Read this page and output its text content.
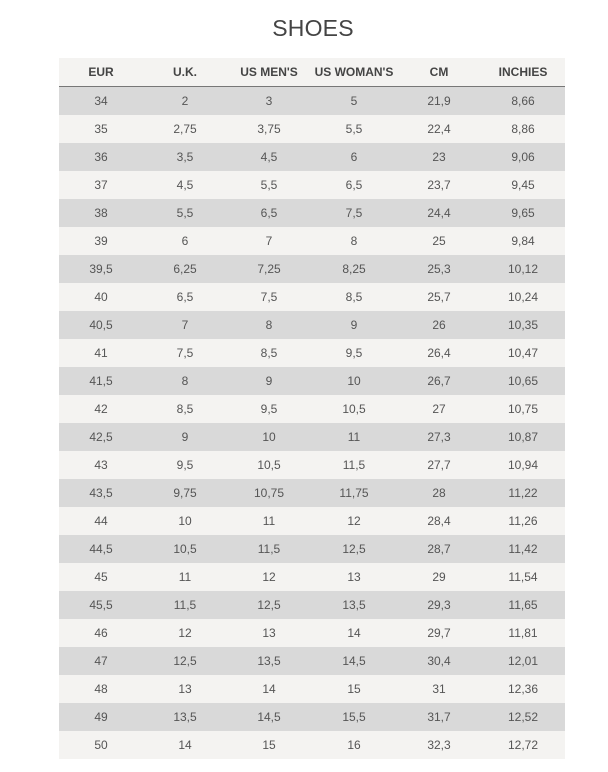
SHOES
EUR	U.K.	US MEN'S	US WOMAN'S	CM	INCHIES
34	2	3	5	21,9	8,66
35	2,75	3,75	5,5	22,4	8,86
36	3,5	4,5	6	23	9,06
37	4,5	5,5	6,5	23,7	9,45
38	5,5	6,5	7,5	24,4	9,65
39	6	7	8	25	9,84
39,5	6,25	7,25	8,25	25,3	10,12
40	6,5	7,5	8,5	25,7	10,24
40,5	7	8	9	26	10,35
41	7,5	8,5	9,5	26,4	10,47
41,5	8	9	10	26,7	10,65
42	8,5	9,5	10,5	27	10,75
42,5	9	10	11	27,3	10,87
43	9,5	10,5	11,5	27,7	10,94
43,5	9,75	10,75	11,75	28	11,22
44	10	11	12	28,4	11,26
44,5	10,5	11,5	12,5	28,7	11,42
45	11	12	13	29	11,54
45,5	11,5	12,5	13,5	29,3	11,65
46	12	13	14	29,7	11,81
47	12,5	13,5	14,5	30,4	12,01
48	13	14	15	31	12,36
49	13,5	14,5	15,5	31,7	12,52
50	14	15	16	32,3	12,72
